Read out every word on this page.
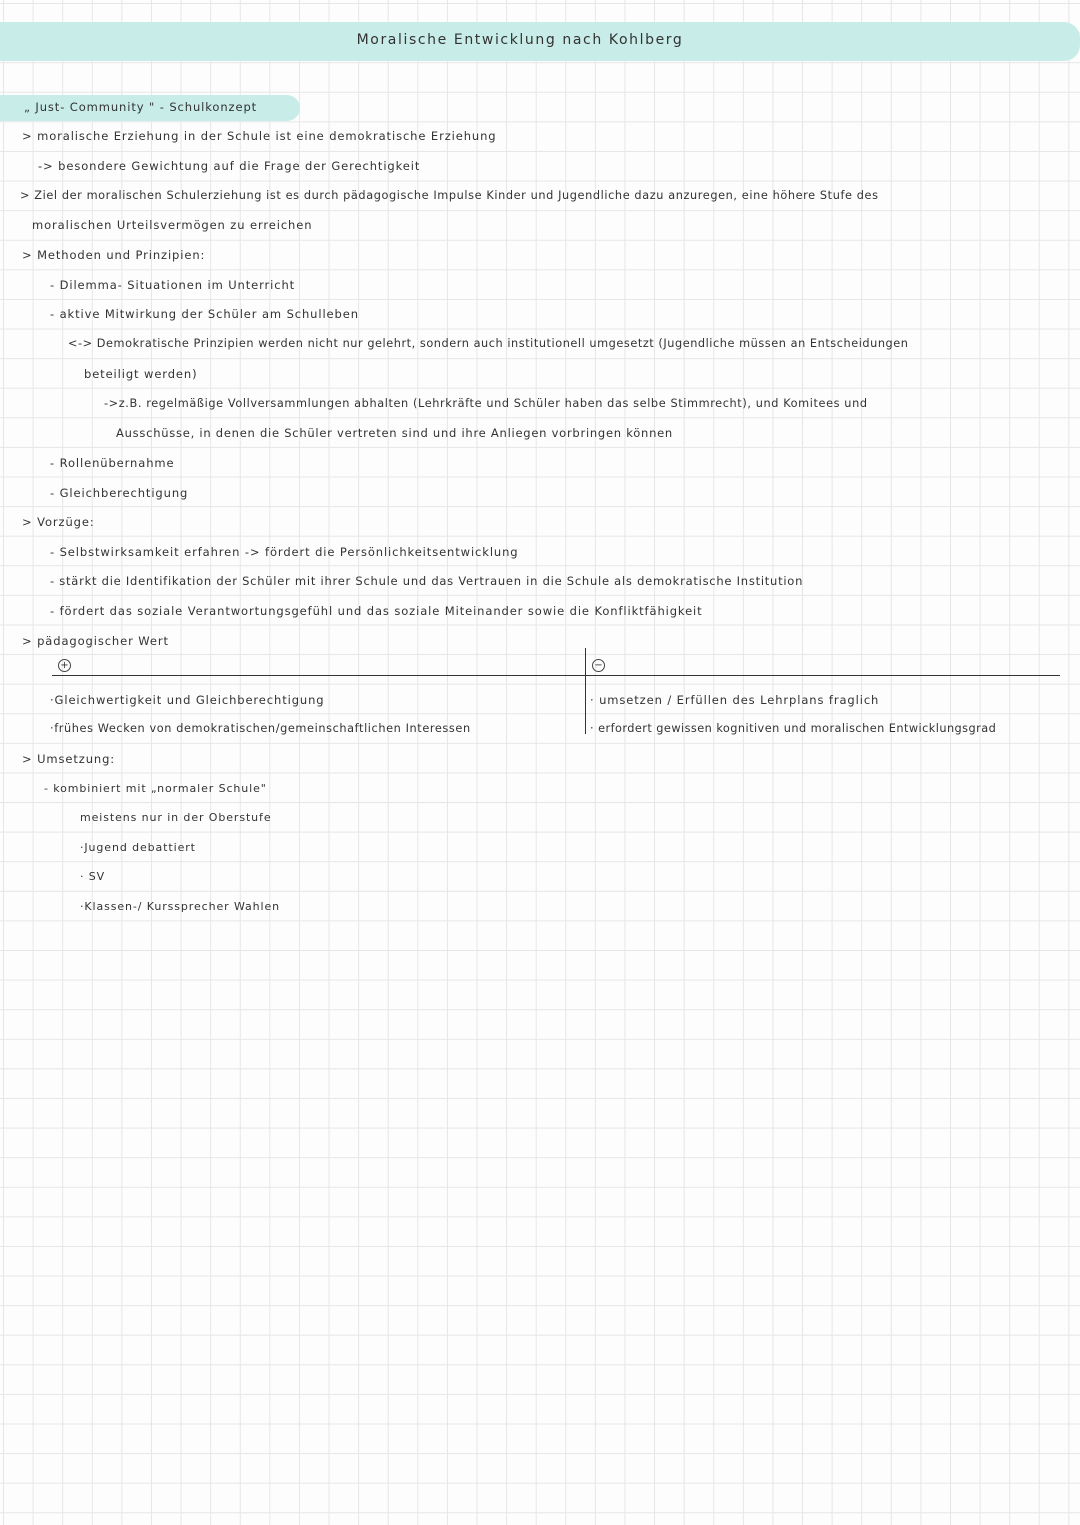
Moralische Entwicklung nach Kohlberg
„ Just- Community " - Schulkonzept
> moralische Erziehung in der Schule ist eine demokratische Erziehung
-> besondere Gewichtung auf die Frage der Gerechtigkeit
> Ziel der moralischen Schulerziehung ist es durch pädagogische Impulse Kinder und Jugendliche dazu anzuregen, eine höhere Stufe des
moralischen Urteilsvermögen zu erreichen
> Methoden und Prinzipien:
- Dilemma- Situationen im Unterricht
- aktive Mitwirkung der Schüler am Schulleben
<-> Demokratische Prinzipien werden nicht nur gelehrt, sondern auch institutionell umgesetzt (Jugendliche müssen an Entscheidungen
beteiligt werden)
->z.B. regelmäßige Vollversammlungen abhalten (Lehrkräfte und Schüler haben das selbe Stimmrecht), und Komitees und
Ausschüsse, in denen die Schüler vertreten sind und ihre Anliegen vorbringen können
- Rollenübernahme
- Gleichberechtigung
> Vorzüge:
- Selbstwirksamkeit erfahren -> fördert die Persönlichkeitsentwicklung
- stärkt die Identifikation der Schüler mit ihrer Schule und das Vertrauen in die Schule als demokratische Institution
- fördert das soziale Verantwortungsgefühl und das soziale Miteinander sowie die Konfliktfähigkeit
> pädagogischer Wert
+	−
·Gleichwertigkeit und Gleichberechtigung
·frühes Wecken von demokratischen/gemeinschaftlichen Interessen
· umsetzen / Erfüllen des Lehrplans fraglich
· erfordert gewissen kognitiven und moralischen Entwicklungsgrad
> Umsetzung:
- kombiniert mit „normaler Schule"
meistens nur in der Oberstufe
·Jugend debattiert
· SV
·Klassen-/ Kurssprecher Wahlen
